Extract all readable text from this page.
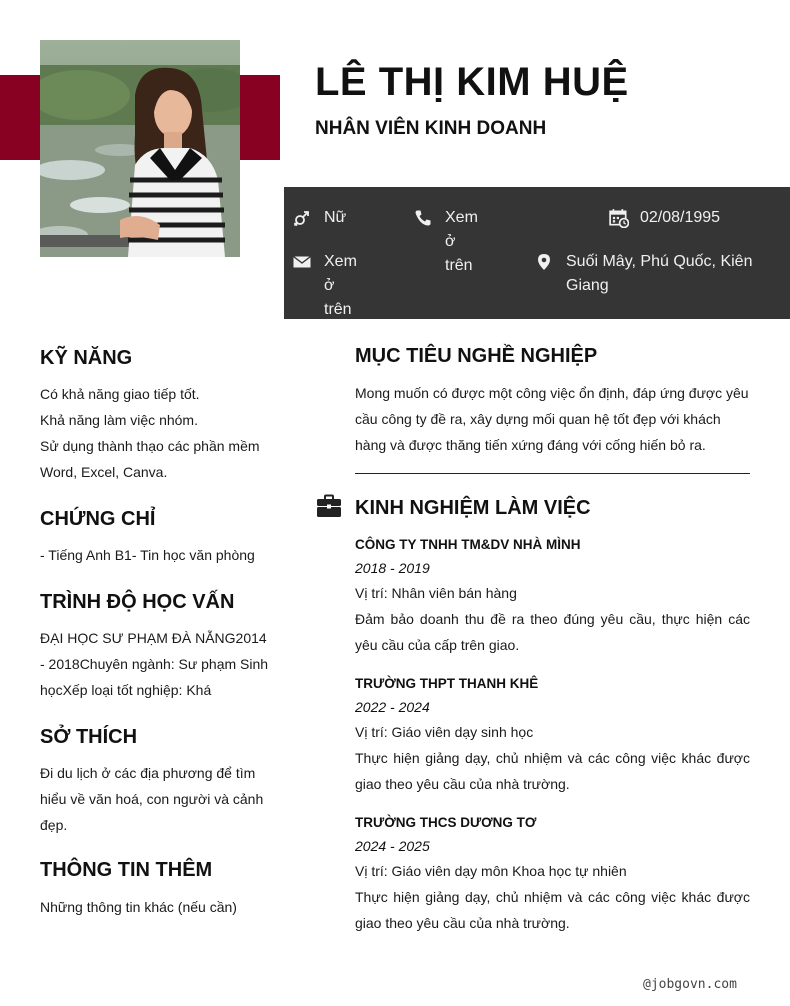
LÊ THỊ KIM HUỆ
NHÂN VIÊN KINH DOANH
Nữ	Xem ở trên
02/08/1995
Xem ở trên
Suối Mây, Phú Quốc, Kiên Giang
KỸ NĂNG

Có khả năng giao tiếp tốt.

Khả năng làm việc nhóm.

Sử dụng thành thạo các phần mềm Word, Excel, Canva.

CHỨNG CHỈ
- Tiếng Anh B1- Tin học văn phòng
TRÌNH ĐỘ HỌC VẤN
ĐẠI HỌC SƯ PHẠM ĐÀ NẴNG2014 - 2018Chuyên ngành: Sư phạm Sinh họcXếp loại tốt nghiệp: Khá
SỞ THÍCH
Đi du lịch ở các địa phương để tìm hiểu về văn hoá, con người và cảnh đẹp.
THÔNG TIN THÊM
Những thông tin khác (nếu cần)
MỤC TIÊU NGHỀ NGHIỆP
Mong muốn có được một công việc ổn định, đáp ứng được yêu cầu công ty đề ra, xây dựng mối quan hệ tốt đẹp với khách hàng và được thăng tiến xứng đáng với cống hiến bỏ ra.
KINH NGHIỆM LÀM VIỆC
CÔNG TY TNHH TM&DV NHÀ MÌNH
2018 - 2019
Vị trí: Nhân viên bán hàng
Đảm bảo doanh thu đề ra theo đúng yêu cầu, thực hiện các yêu cầu của cấp trên giao.
TRƯỜNG THPT THANH KHÊ
2022 - 2024
Vị trí: Giáo viên dạy sinh học
Thực hiện giảng dạy, chủ nhiệm và các công việc khác được giao theo yêu cầu của nhà trường.
TRƯỜNG THCS DƯƠNG TƠ
2024 - 2025
Vị trí: Giáo viên dạy môn Khoa học tự nhiên
Thực hiện giảng dạy, chủ nhiệm và các công việc khác được giao theo yêu cầu của nhà trường.
@jobgovn.com
